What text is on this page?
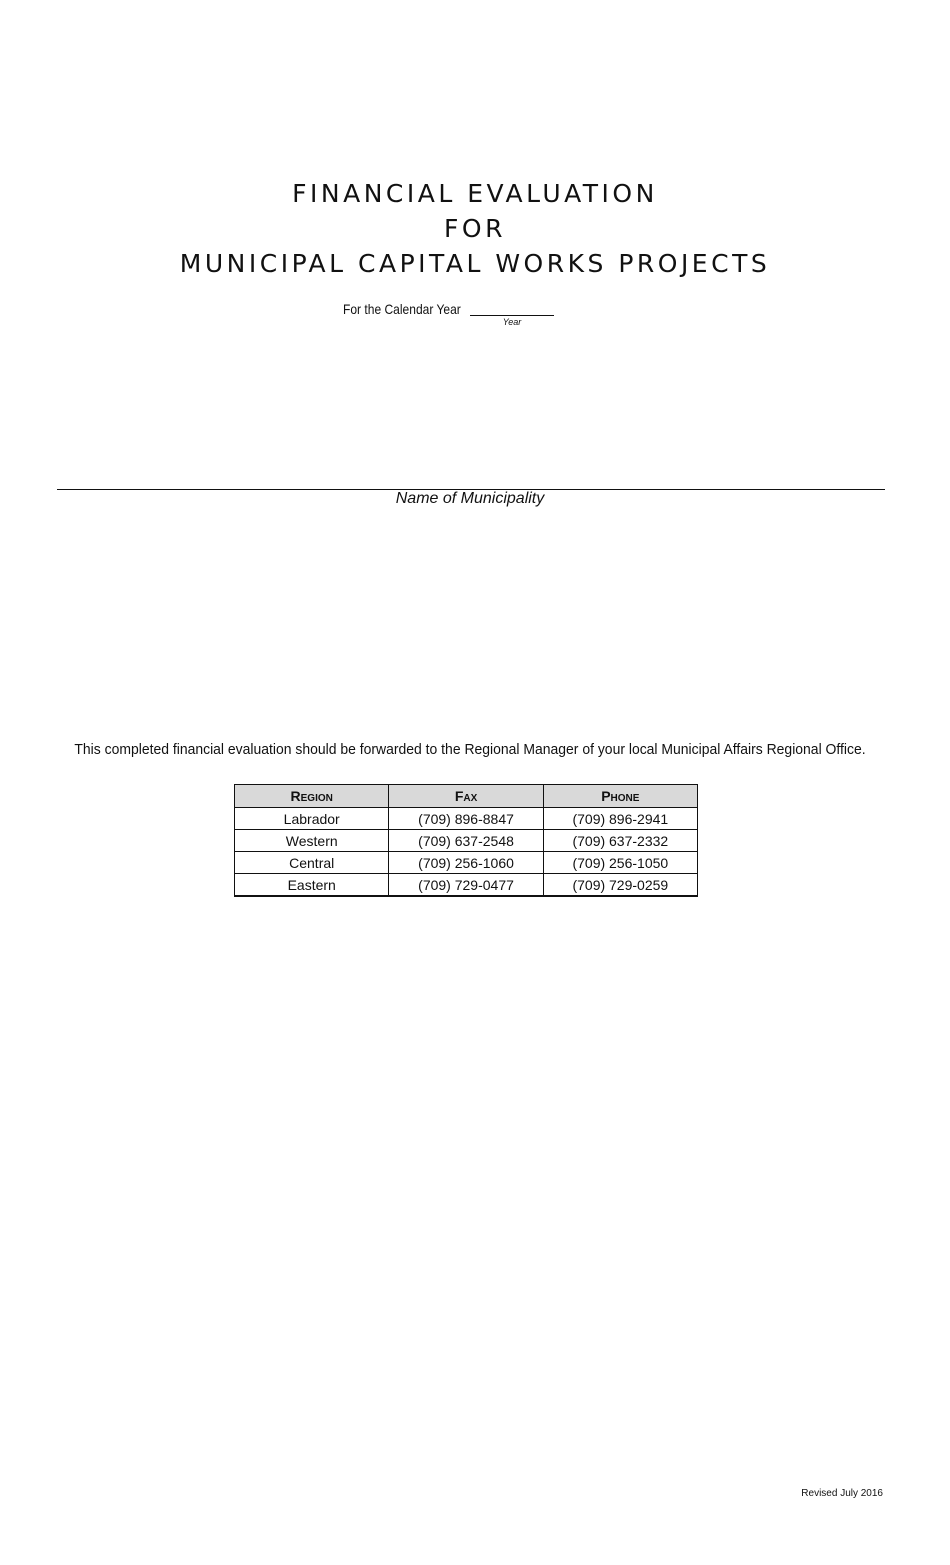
FINANCIAL EVALUATION
FOR
MUNICIPAL CAPITAL WORKS PROJECTS
For the Calendar Year
Year
Name of Municipality
This completed financial evaluation should be forwarded to the Regional Manager of your local Municipal Affairs Regional Office.
Region	Fax	Phone
Labrador	(709) 896-8847	(709) 896-2941
Western	(709) 637-2548	(709) 637-2332
Central	(709) 256-1060	(709) 256-1050
Eastern	(709) 729-0477	(709) 729-0259
Revised July 2016
